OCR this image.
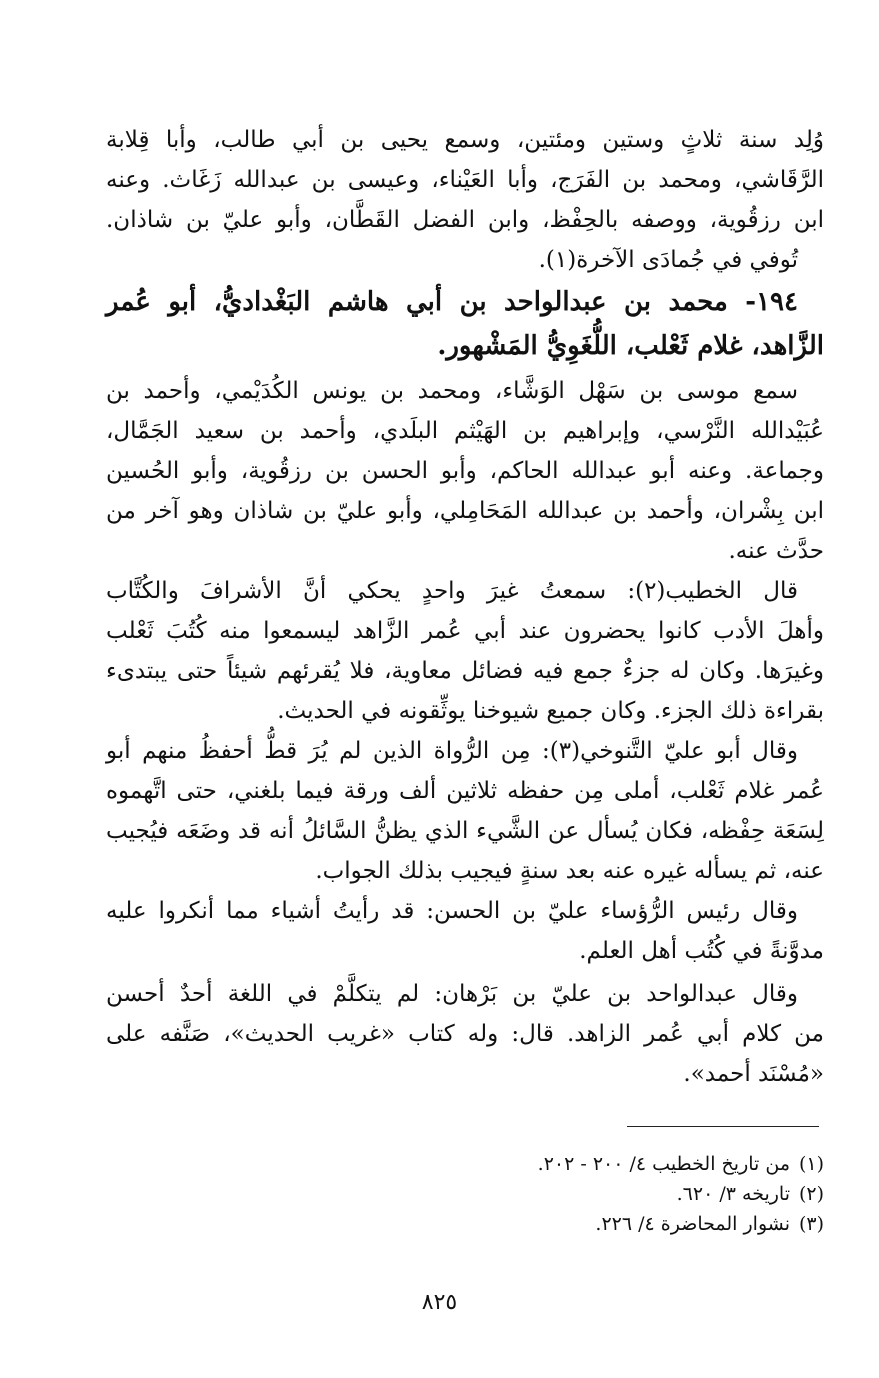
وُلِد سنة ثلاثٍ وستين ومئتين، وسمع يحيى بن أبي طالب، وأبا قِلابة
الرَّقَاشي، ومحمد بن الفَرَج، وأبا العَيْناء، وعيسى بن عبدالله زَغَاث. وعنه
ابن رزقُوية، ووصفه بالحِفْظ، وابن الفضل القَطَّان، وأبو عليّ بن شاذان.
تُوفي في جُمادَى الآخرة(١).
١٩٤- محمد بن عبدالواحد بن أبي هاشم البَغْداديُّ، أبو عُمر
الزَّاهد، غلام ثَعْلب، اللُّغَوِيُّ المَشْهور.
سمع موسى بن سَهْل الوَشَّاء، ومحمد بن يونس الكُدَيْمي، وأحمد بن
عُبَيْدالله النَّرْسي، وإبراهيم بن الهَيْثم البلَدي، وأحمد بن سعيد الجَمَّال،
وجماعة. وعنه أبو عبدالله الحاكم، وأبو الحسن بن رزقُوية، وأبو الحُسين
ابن بِشْران، وأحمد بن عبدالله المَحَامِلي، وأبو عليّ بن شاذان وهو آخر من
حدَّث عنه.
قال الخطيب(٢): سمعتُ غيرَ واحدٍ يحكي أنَّ الأشرافَ والكُتَّاب
وأهلَ الأدب كانوا يحضرون عند أبي عُمر الزَّاهد ليسمعوا منه كُتُبَ ثَعْلب
وغيرَها. وكان له جزءٌ جمع فيه فضائل معاوية، فلا يُقرئهم شيئاً حتى يبتدىء
بقراءة ذلك الجزء. وكان جميع شيوخنا يوثِّقونه في الحديث.
وقال أبو عليّ التَّنوخي(٣): مِن الرُّواة الذين لم يُرَ قطُّ أحفظُ منهم أبو
عُمر غلام ثَعْلب، أملى مِن حفظه ثلاثين ألف ورقة فيما بلغني، حتى اتَّهموه
لِسَعَة حِفْظه، فكان يُسأل عن الشَّيء الذي يظنُّ السَّائلُ أنه قد وضَعَه فيُجيب
عنه، ثم يسأله غيره عنه بعد سنةٍ فيجيب بذلك الجواب.
وقال رئيس الرُّؤساء عليّ بن الحسن: قد رأيتُ أشياء مما أنكروا عليه
مدوَّنةً في كُتُب أهل العلم.
وقال عبدالواحد بن عليّ بن بَرْهان: لم يتكلَّمْ في اللغة أحدٌ أحسن
من كلام أبي عُمر الزاهد. قال: وله كتاب «غريب الحديث»، صَنَّفه على
«مُسْنَد أحمد».
(١)من تاريخ الخطيب ٤/ ٢٠٠ - ٢٠٢.
(٢)تاريخه ٣/ ٦٢٠.
(٣)نشوار المحاضرة ٤/ ٢٢٦.
٨٢٥
